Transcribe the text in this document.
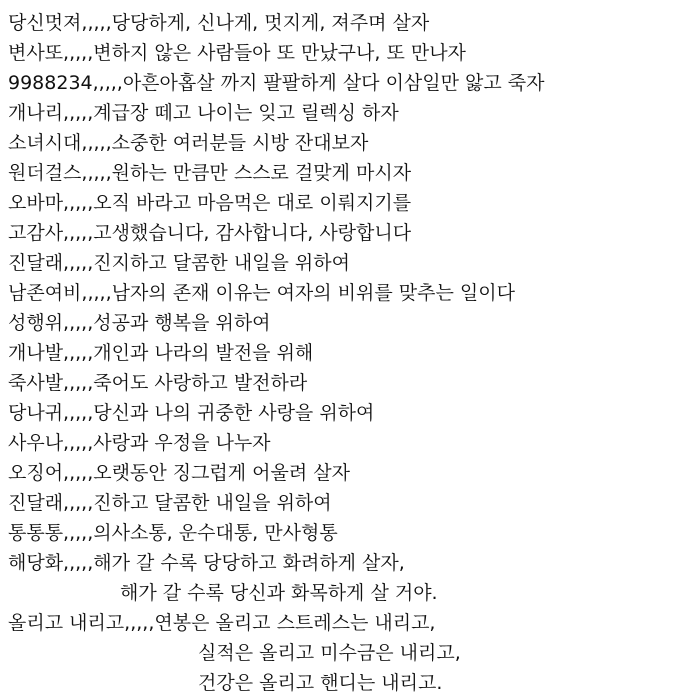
당신멋져,,,,,당당하게, 신나게, 멋지게, 져주며 살자
변사또,,,,,변하지 않은 사람들아 또 만났구나, 또 만나자
9988234,,,,,아흔아홉살 까지 팔팔하게 살다 이삼일만 앓고 죽자
개나리,,,,,계급장 떼고 나이는 잊고 릴렉싱 하자
소녀시대,,,,,소중한 여러분들 시방 잔대보자
원더걸스,,,,,원하는 만큼만 스스로 걸맞게 마시자
오바마,,,,,오직 바라고 마음먹은 대로 이뤄지기를
고감사,,,,,고생했습니다, 감사합니다, 사랑합니다
진달래,,,,,진지하고 달콤한 내일을 위하여
남존여비,,,,,남자의 존재 이유는 여자의 비위를 맞추는 일이다
성행위,,,,,성공과 행복을 위하여
개나발,,,,,개인과 나라의 발전을 위해
죽사발,,,,,죽어도 사랑하고 발전하라
당나귀,,,,,당신과 나의 귀중한 사랑을 위하여
사우나,,,,,사랑과 우정을 나누자
오징어,,,,,오랫동안 징그럽게 어울려 살자
진달래,,,,,진하고 달콤한 내일을 위하여
통통통,,,,,의사소통, 운수대통, 만사형통
해당화,,,,,해가 갈 수록 당당하고 화려하게 살자,
해가 갈 수록 당신과 화목하게 살 거야.
올리고 내리고,,,,,연봉은 올리고 스트레스는 내리고,
실적은 올리고 미수금은 내리고,
건강은 올리고 핸디는 내리고.
